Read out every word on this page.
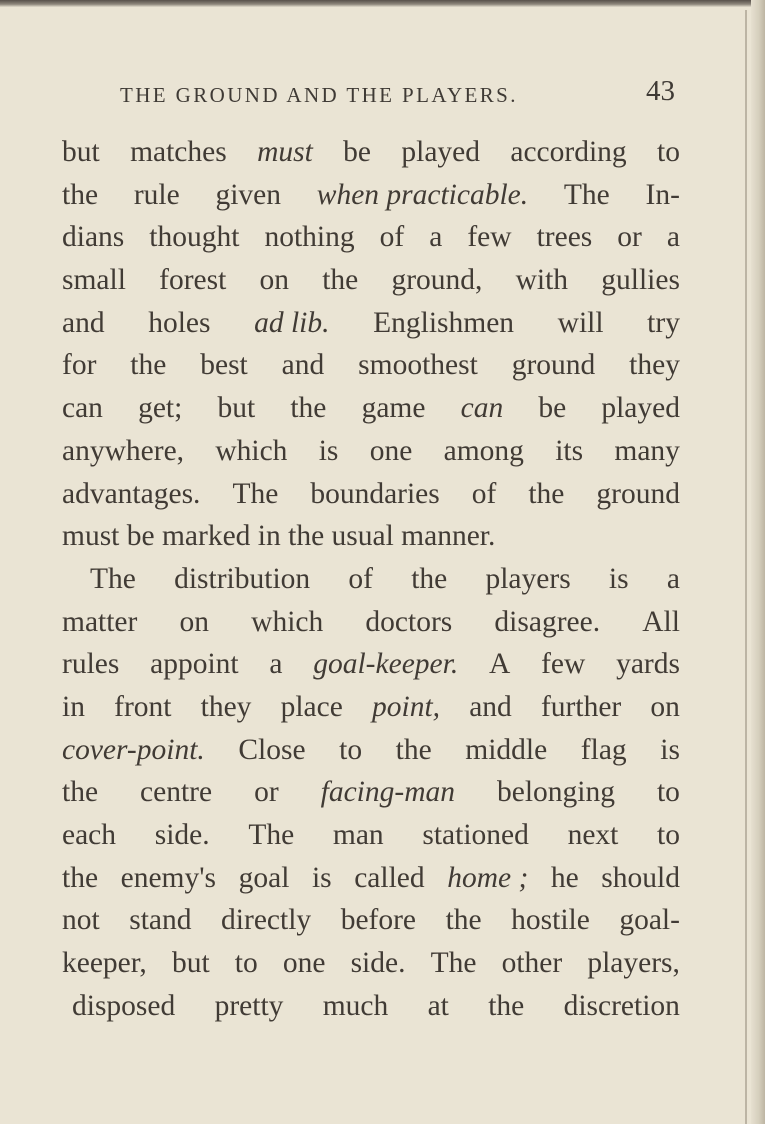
THE GROUND AND THE PLAYERS.	43
but matches must be played according to
the rule given when practicable. The In-
dians thought nothing of a few trees or a
small forest on the ground, with gullies
and holes ad lib. Englishmen will try
for the best and smoothest ground they
can get; but the game can be played
anywhere, which is one among its many
advantages. The boundaries of the ground
must be marked in the usual manner.
The distribution of the players is a
matter on which doctors disagree. All
rules appoint a goal-keeper. A few yards
in front they place point, and further on
cover-point. Close to the middle flag is
the centre or facing-man belonging to
each side. The man stationed next to
the enemy's goal is called home ; he should
not stand directly before the hostile goal-
keeper, but to one side. The other players,
disposed pretty much at the discretion
